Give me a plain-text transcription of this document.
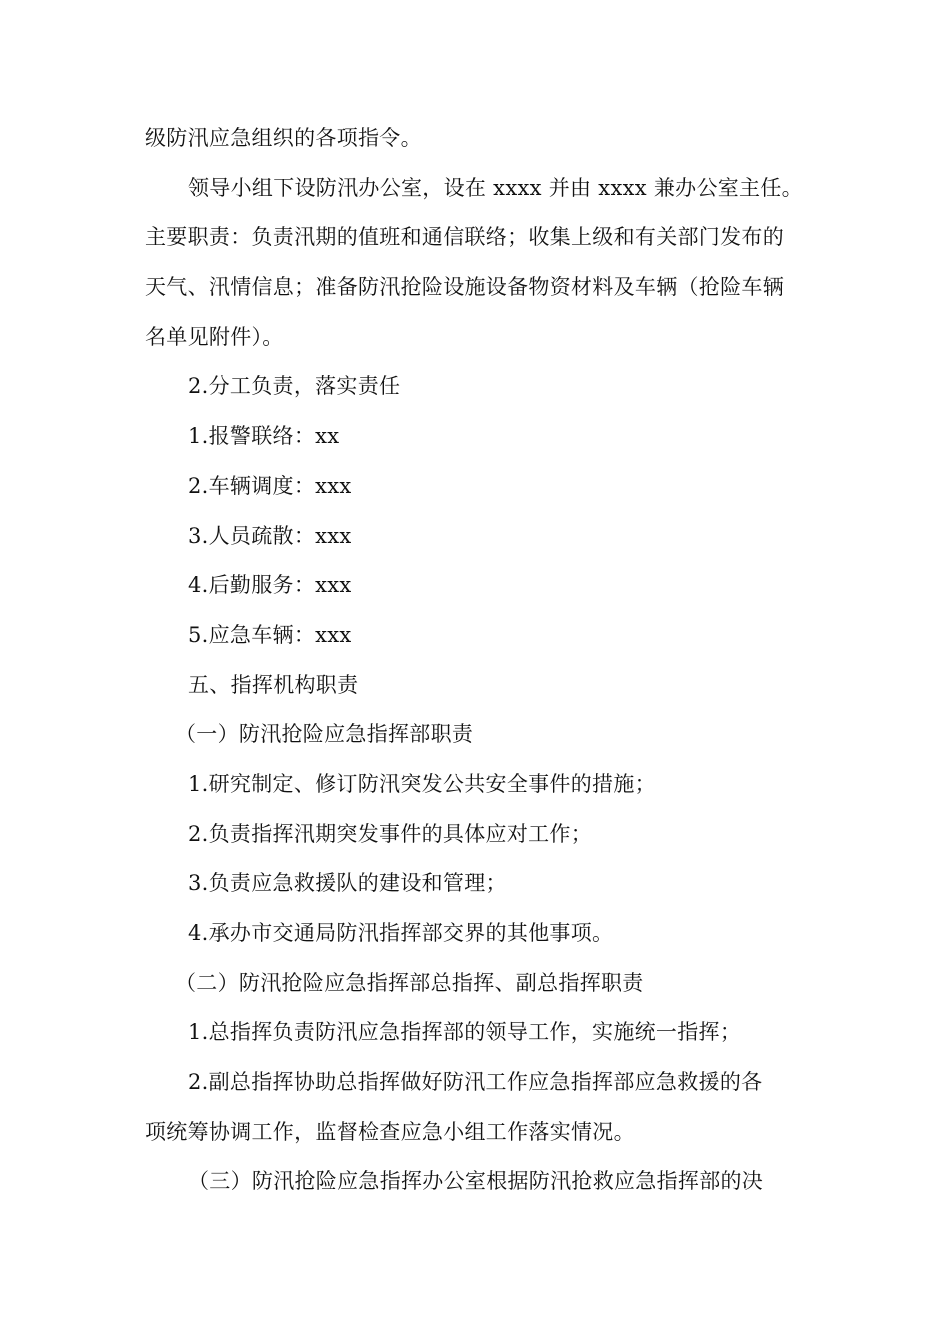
级防汛应急组织的各项指令。
领导小组下设防汛办公室，设在 xxxx 并由 xxxx 兼办公室主任。
主要职责：负责汛期的值班和通信联络；收集上级和有关部门发布的
天气、汛情信息；准备防汛抢险设施设备物资材料及车辆（抢险车辆
名单见附件）。
2.分工负责，落实责任
1.报警联络：xx
2.车辆调度：xxx
3.人员疏散：xxx
4.后勤服务：xxx
5.应急车辆：xxx
五、指挥机构职责
（一）防汛抢险应急指挥部职责
1.研究制定、修订防汛突发公共安全事件的措施；
2.负责指挥汛期突发事件的具体应对工作；
3.负责应急救援队的建设和管理；
4.承办市交通局防汛指挥部交界的其他事项。
（二）防汛抢险应急指挥部总指挥、副总指挥职责
1.总指挥负责防汛应急指挥部的领导工作，实施统一指挥；
2.副总指挥协助总指挥做好防汛工作应急指挥部应急救援的各
项统筹协调工作，监督检查应急小组工作落实情况。
（三）防汛抢险应急指挥办公室根据防汛抢救应急指挥部的决
